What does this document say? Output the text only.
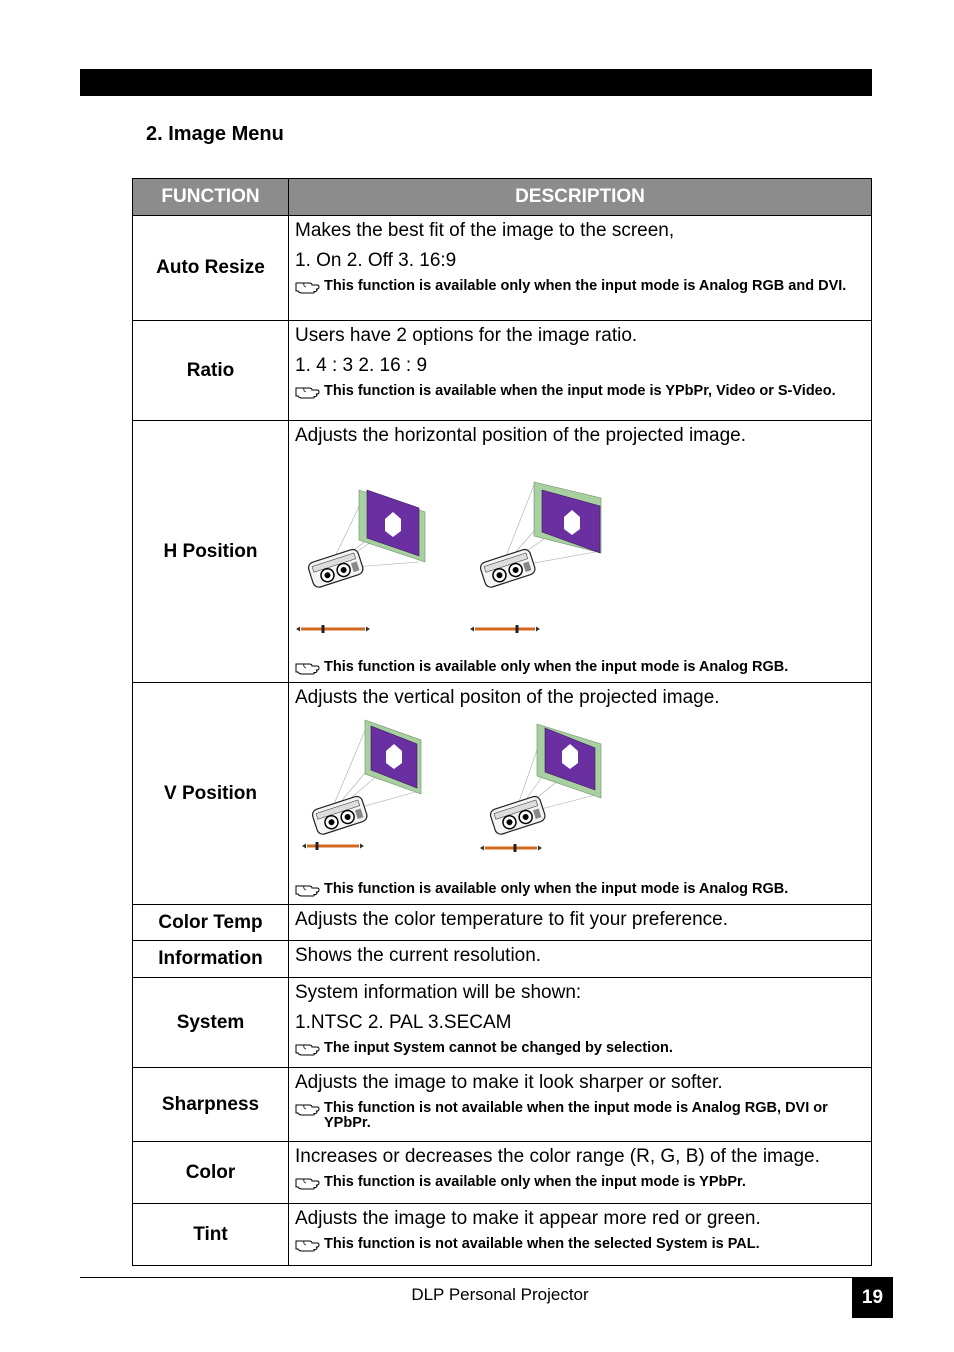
2. Image Menu
FUNCTION	DESCRIPTION
Auto Resize	Makes the best fit of the image to the screen,
1. On 2. Off 3. 16:9
This function is available only when the input mode is Analog RGB and DVI.

Ratio	Users have 2 options for the image ratio.
1. 4 : 3 2. 16 : 9
This function is available when the input mode is YPbPr, Video or S-Video.

H Position	Adjusts the horizontal position of the projected image.
This function is available only when the input mode is Analog RGB.

V Position	Adjusts the vertical positon of the projected image.
This function is available only when the input mode is Analog RGB.

Color Temp	Adjusts the color temperature to fit your preference.

Information	Shows the current resolution.

System	System information will be shown:
1.NTSC 2. PAL 3.SECAM
The input System cannot be changed by selection.

Sharpness	Adjusts the image to make it look sharper or softer.
This function is not available when the input mode is Analog RGB, DVI or YPbPr.

Color	Increases or decreases the color range (R, G, B) of the image.
This function is available only when the input mode is YPbPr.

Tint	Adjusts the image to make it appear more red or green.
This function is not available when the selected System is PAL.
DLP Personal Projector	19
